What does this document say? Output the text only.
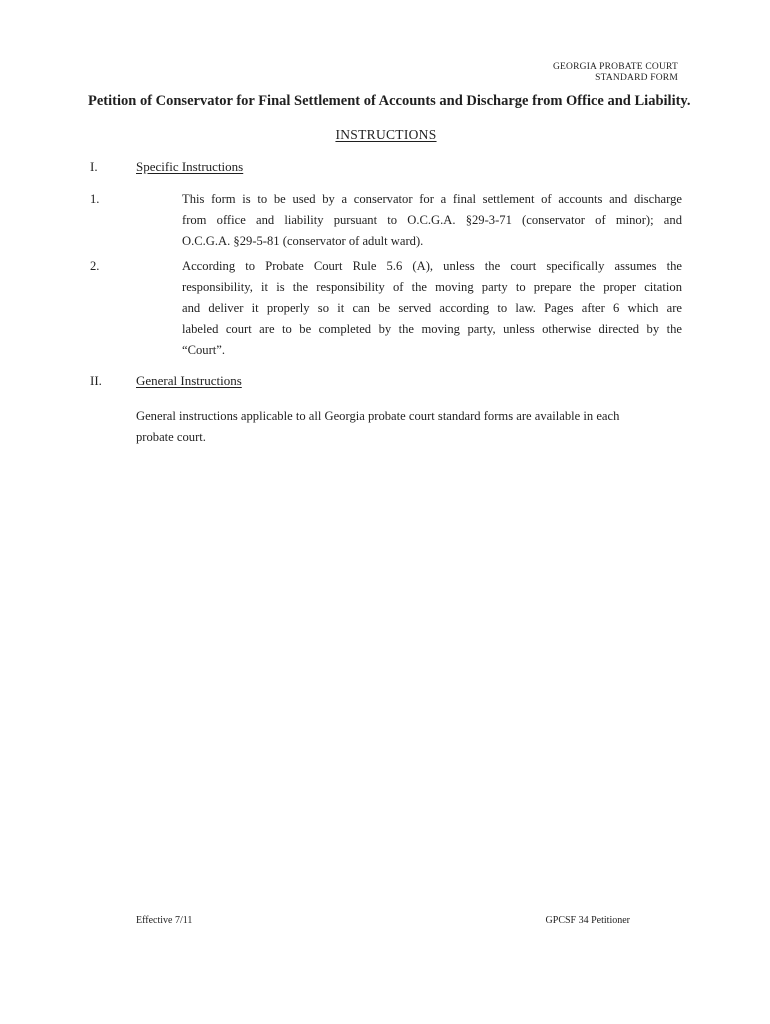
GEORGIA PROBATE COURT
STANDARD FORM
Petition of Conservator for Final Settlement of Accounts and Discharge from Office and Liability.
INSTRUCTIONS
I.	Specific Instructions
1.	This form is to be used by a conservator for a final settlement of accounts and discharge
from office and liability pursuant to O.C.G.A. §29-3-71 (conservator of minor); and
O.C.G.A. §29-5-81 (conservator of adult ward).
2.	According to Probate Court Rule 5.6 (A), unless the court specifically assumes the
responsibility, it is the responsibility of the moving party to prepare the proper citation
and deliver it properly so it can be served according to law. Pages after 6 which are
labeled court are to be completed by the moving party, unless otherwise directed by the
“Court”.
II.	General Instructions
General instructions applicable to all Georgia probate court standard forms are available in each
probate court.
Effective 7/11	GPCSF 34 Petitioner
